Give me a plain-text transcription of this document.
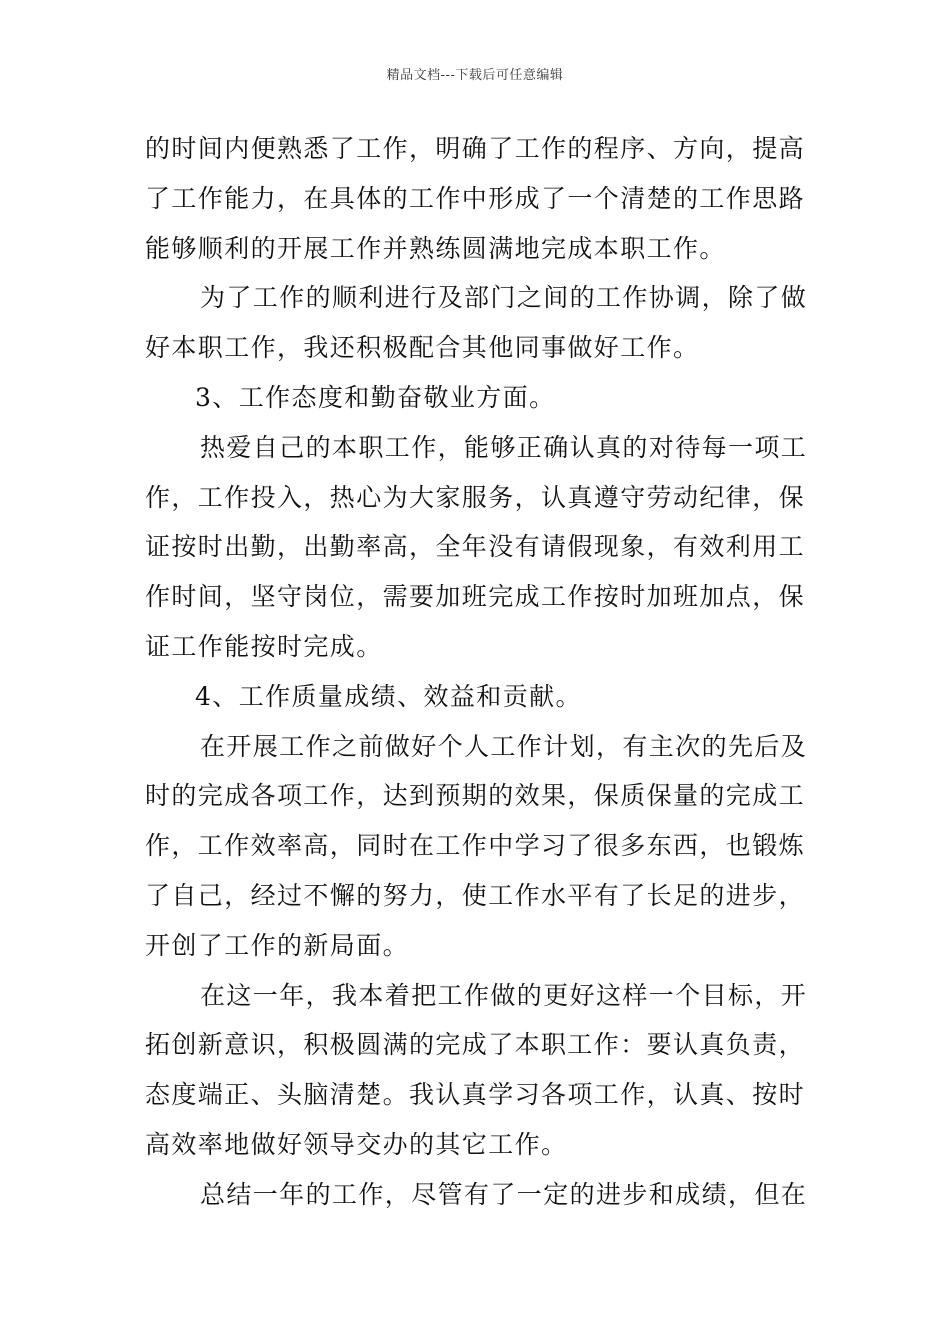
精品文档---下载后可任意编辑
的时间内便熟悉了工作，明确了工作的程序、方向，提高
了工作能力，在具体的工作中形成了一个清楚的工作思路
能够顺利的开展工作并熟练圆满地完成本职工作。
为了工作的顺利进行及部门之间的工作协调，除了做
好本职工作，我还积极配合其他同事做好工作。
3、工作态度和勤奋敬业方面。
热爱自己的本职工作，能够正确认真的对待每一项工
作，工作投入，热心为大家服务，认真遵守劳动纪律，保
证按时出勤，出勤率高，全年没有请假现象，有效利用工
作时间，坚守岗位，需要加班完成工作按时加班加点，保
证工作能按时完成。
4、工作质量成绩、效益和贡献。
在开展工作之前做好个人工作计划，有主次的先后及
时的完成各项工作，达到预期的效果，保质保量的完成工
作，工作效率高，同时在工作中学习了很多东西，也锻炼
了自己，经过不懈的努力，使工作水平有了长足的进步，
开创了工作的新局面。
在这一年，我本着把工作做的更好这样一个目标，开
拓创新意识，积极圆满的完成了本职工作：要认真负责，
态度端正、头脑清楚。我认真学习各项工作，认真、按时
高效率地做好领导交办的其它工作。
总结一年的工作，尽管有了一定的进步和成绩，但在
